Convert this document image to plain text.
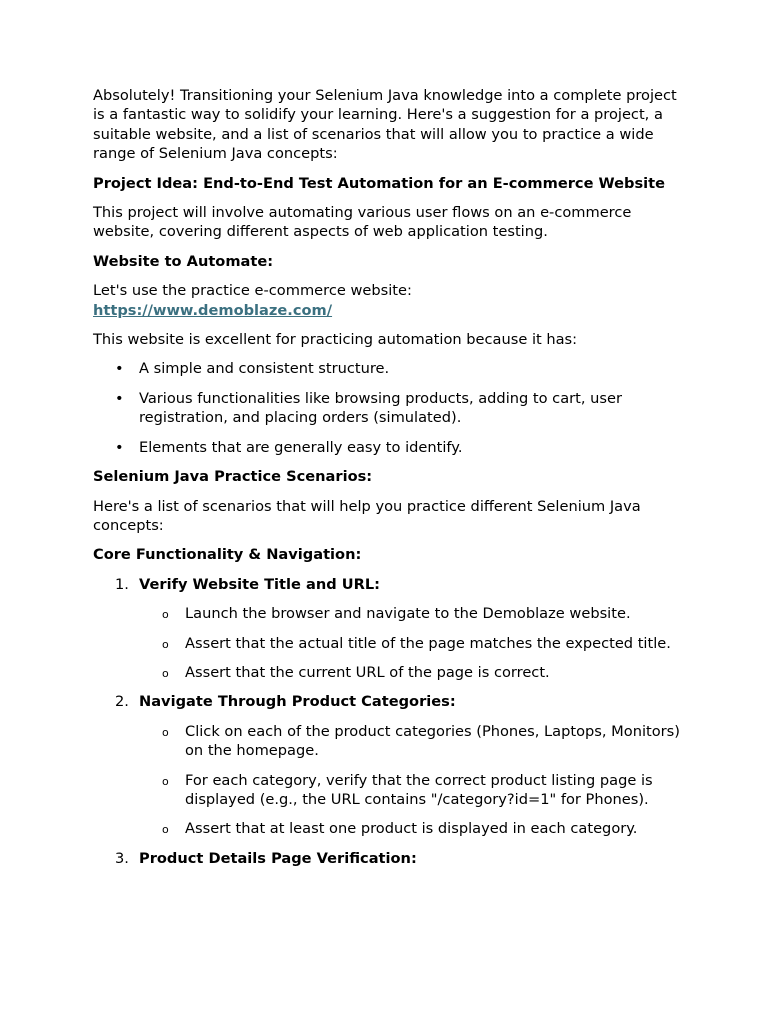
Absolutely! Transitioning your Selenium Java knowledge into a complete project is a fantastic way to solidify your learning. Here's a suggestion for a project, a suitable website, and a list of scenarios that will allow you to practice a wide range of Selenium Java concepts:

Project Idea: End-to-End Test Automation for an E-commerce Website

This project will involve automating various user flows on an e-commerce website, covering different aspects of web application testing.

Website to Automate:

Let's use the practice e-commerce website:
https://www.demoblaze.com/

This website is excellent for practicing automation because it has:

• A simple and consistent structure.
• Various functionalities like browsing products, adding to cart, user registration, and placing orders (simulated).
• Elements that are generally easy to identify.

Selenium Java Practice Scenarios:

Here's a list of scenarios that will help you practice different Selenium Java concepts:

Core Functionality & Navigation:

1. Verify Website Title and URL:
o Launch the browser and navigate to the Demoblaze website.
o Assert that the actual title of the page matches the expected title.
o Assert that the current URL of the page is correct.
2. Navigate Through Product Categories:
o Click on each of the product categories (Phones, Laptops, Monitors) on the homepage.
o For each category, verify that the correct product listing page is displayed (e.g., the URL contains "/category?id=1" for Phones).
o Assert that at least one product is displayed in each category.
3. Product Details Page Verification:
